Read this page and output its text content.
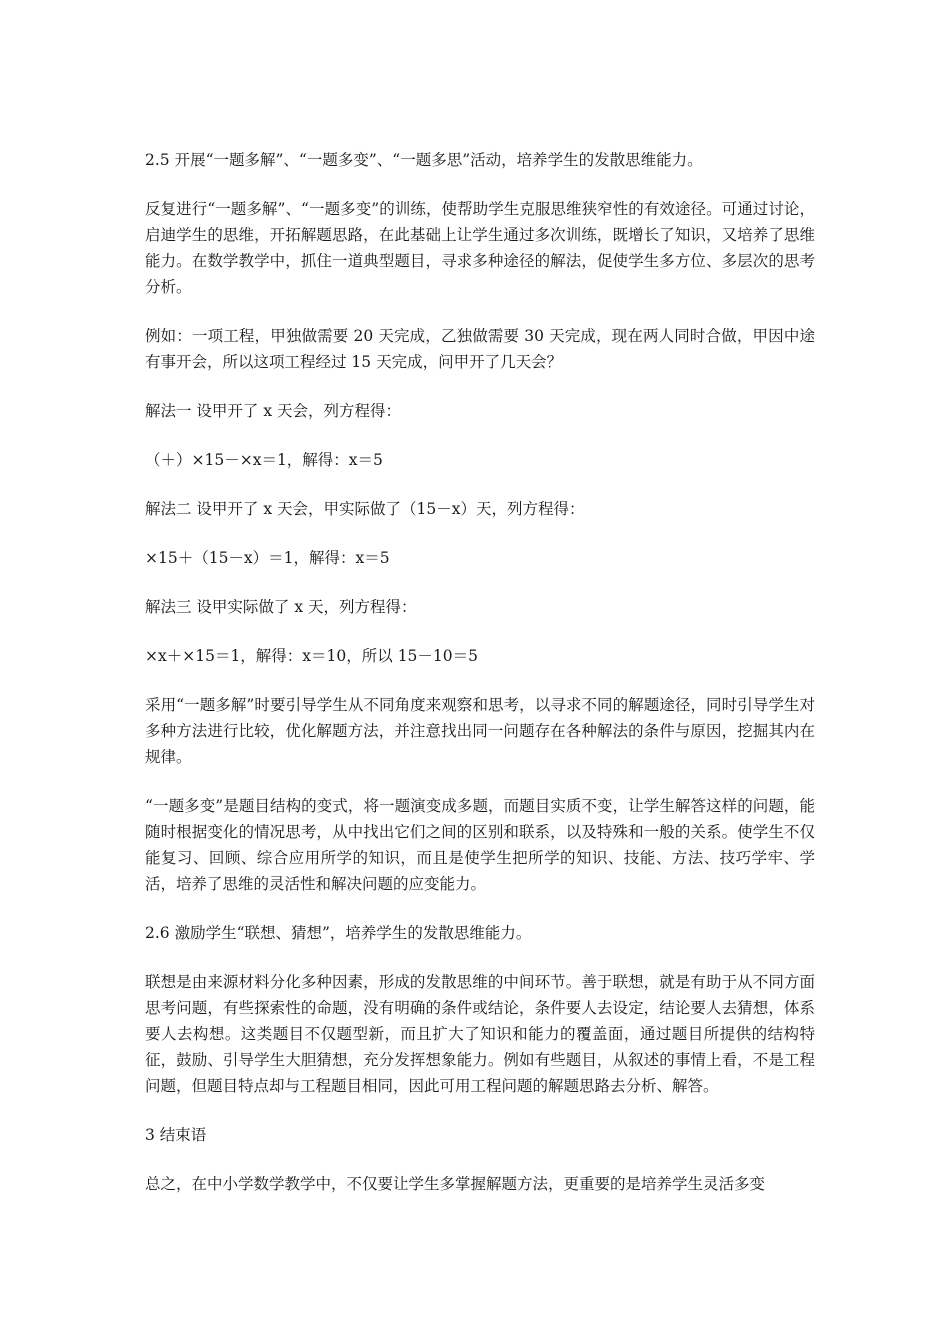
2.5 开展“一题多解”、“一题多变”、“一题多思”活动，培养学生的发散思维能力。

反复进行“一题多解”、“一题多变”的训练，使帮助学生克服思维狭窄性的有效途径。可通过讨论，启迪学生的思维，开拓解题思路，在此基础上让学生通过多次训练，既增长了知识，又培养了思维能力。在数学教学中，抓住一道典型题目，寻求多种途径的解法，促使学生多方位、多层次的思考分析。

例如：一项工程，甲独做需要 20 天完成，乙独做需要 30 天完成，现在两人同时合做，甲因中途有事开会，所以这项工程经过 15 天完成，问甲开了几天会？

解法一 设甲开了 x 天会，列方程得：

（＋）×15－×x＝1，解得：x＝5

解法二 设甲开了 x 天会，甲实际做了（15－x）天，列方程得：

×15＋（15－x）＝1，解得：x＝5

解法三 设甲实际做了 x 天，列方程得：

×x＋×15＝1，解得：x＝10，所以 15－10＝5

采用“一题多解”时要引导学生从不同角度来观察和思考，以寻求不同的解题途径，同时引导学生对多种方法进行比较，优化解题方法，并注意找出同一问题存在各种解法的条件与原因，挖掘其内在规律。

“一题多变”是题目结构的变式，将一题演变成多题，而题目实质不变，让学生解答这样的问题，能随时根据变化的情况思考，从中找出它们之间的区别和联系，以及特殊和一般的关系。使学生不仅能复习、回顾、综合应用所学的知识，而且是使学生把所学的知识、技能、方法、技巧学牢、学活，培养了思维的灵活性和解决问题的应变能力。

2.6 激励学生“联想、猜想”，培养学生的发散思维能力。

联想是由来源材料分化多种因素，形成的发散思维的中间环节。善于联想，就是有助于从不同方面思考问题，有些探索性的命题，没有明确的条件或结论，条件要人去设定，结论要人去猜想，体系要人去构想。这类题目不仅题型新，而且扩大了知识和能力的覆盖面，通过题目所提供的结构特征，鼓励、引导学生大胆猜想，充分发挥想象能力。例如有些题目，从叙述的事情上看，不是工程问题，但题目特点却与工程题目相同，因此可用工程问题的解题思路去分析、解答。

3 结束语

总之，在中小学数学教学中，不仅要让学生多掌握解题方法，更重要的是培养学生灵活多变
